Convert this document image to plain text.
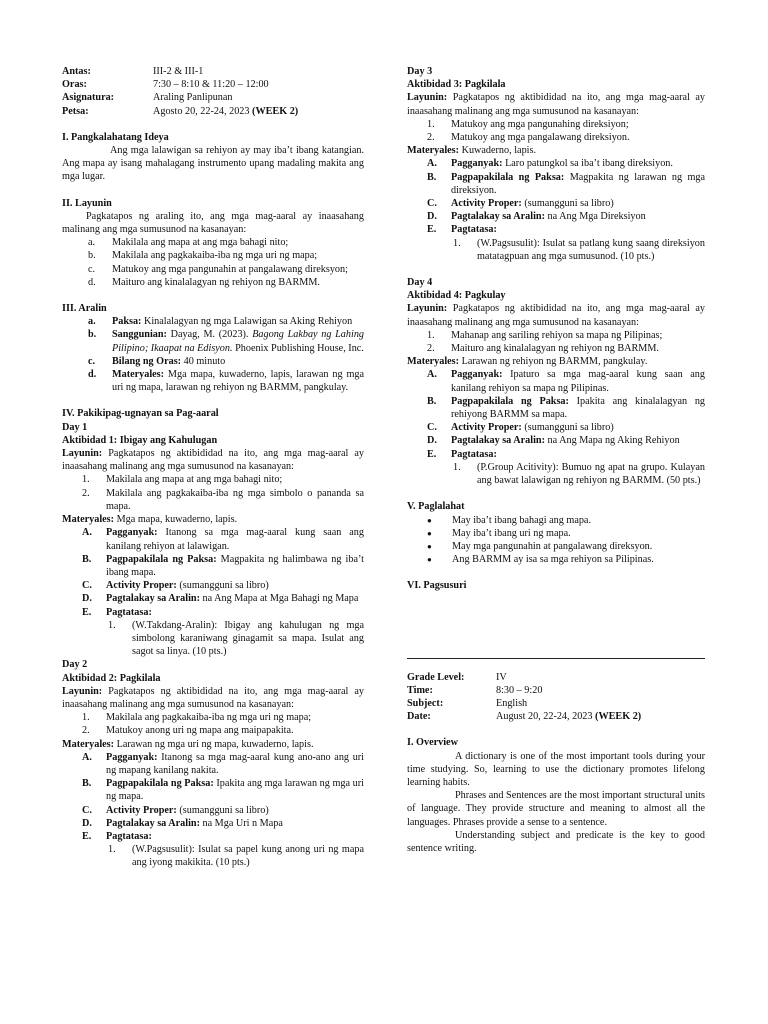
Antas:	III-2 & III-1
Oras:	7:30 – 8:10 & 11:20 – 12:00
Asignatura:	Araling Panlipunan
Petsa:	Agosto 20, 22-24, 2023 (WEEK 2)
I. Pangkalahatang Ideya
Ang mga lalawigan sa rehiyon ay may iba’t ibang katangian. Ang mapa ay isang mahalagang instrumento upang madaling makita ang mga lugar.
II. Layunin
Pagkatapos ng araling ito, ang mga mag-aaral ay inaasahang malinang ang mga sumusunod na kasanayan:
a.	Makilala ang mapa at ang mga bahagi nito;
b.	Makilala ang pagkakaiba-iba ng mga uri ng mapa;
c.	Matukoy ang mga pangunahin at pangalawang direksyon;
d.	Maituro ang kinalalagyan ng rehiyon ng BARMM.
III. Aralin
a.	Paksa: Kinalalagyan ng mga Lalawigan sa Aking Rehiyon
b.	Sanggunian: Dayag, M. (2023). Bagong Lakbay ng Lahing Pilipino; Ikaapat na Edisyon. Phoenix Publishing House, Inc.
c.	Bilang ng Oras: 40 minuto
d.	Materyales: Mga mapa, kuwaderno, lapis, larawan ng mga uri ng mapa, larawan ng rehiyon ng BARMM, pangkulay.
IV. Pakikipag-ugnayan sa Pag-aaral
Day 1
Aktibidad 1: Ibigay ang Kahulugan
Layunin: Pagkatapos ng aktibididad na ito, ang mga mag-aaral ay inaasahang malinang ang mga sumusunod na kasanayan:
1.	Makilala ang mapa at ang mga bahagi nito;
2.	Makilala ang pagkakaiba-iba ng mga simbolo o pananda sa mapa.
Materyales: Mga mapa, kuwaderno, lapis.
A.	Pagganyak: Itanong sa mga mag-aaral kung saan ang kanilang rehiyon at lalawigan.
B.	Pagpapakilala ng Paksa: Magpakita ng halimbawa ng iba’t ibang mapa.
C.	Activity Proper: (sumangguni sa libro)
D.	Pagtalakay sa Aralin: na Ang Mapa at Mga Bahagi ng Mapa
E.	Pagtatasa:
1.	(W.Takdang-Aralin): Ibigay ang kahulugan ng mga simbolong karaniwang ginagamit sa mapa. Isulat ang sagot sa linya. (10 pts.)
Day 2
Aktibidad 2: Pagkilala
Layunin: Pagkatapos ng aktibididad na ito, ang mga mag-aaral ay inaasahang malinang ang mga sumusunod na kasanayan:
1.	Makilala ang pagkakaiba-iba ng mga uri ng mapa;
2.	Matukoy anong uri ng mapa ang maipapakita.
Materyales: Larawan ng mga uri ng mapa, kuwaderno, lapis.
A.	Pagganyak: Itanong sa mga mag-aaral kung ano-ano ang uri ng mapang kanilang nakita.
B.	Pagpapakilala ng Paksa: Ipakita ang mga larawan ng mga uri ng mapa.
C.	Activity Proper: (sumangguni sa libro)
D.	Pagtalakay sa Aralin: na Mga Uri n Mapa
E.	Pagtatasa:
1.	(W.Pagsusulit): Isulat sa papel kung anong uri ng mapa ang iyong makikita. (10 pts.)
Day 3
Aktibidad 3: Pagkilala
Layunin: Pagkatapos ng aktibididad na ito, ang mga mag-aaral ay inaasahang malinang ang mga sumusunod na kasanayan:
1.	Matukoy ang mga pangunahing direksiyon;
2.	Matukoy ang mga pangalawang direksiyon.
Materyales: Kuwaderno, lapis.
A.	Pagganyak: Laro patungkol sa iba’t ibang direksiyon.
B.	Pagpapakilala ng Paksa: Magpakita ng larawan ng mga direksiyon.
C.	Activity Proper: (sumangguni sa libro)
D.	Pagtalakay sa Aralin: na Ang Mga Direksiyon
E.	Pagtatasa:
1.	(W.Pagsusulit): Isulat sa patlang kung saang direksiyon matatagpuan ang mga sumusunod. (10 pts.)
Day 4
Aktibidad 4: Pagkulay
Layunin: Pagkatapos ng aktibididad na ito, ang mga mag-aaral ay inaasahang malinang ang mga sumusunod na kasanayan:
1.	Mahanap ang sariling rehiyon sa mapa ng Pilipinas;
2.	Maituro ang kinalalagyan ng rehiyon ng BARMM.
Materyales: Larawan ng rehiyon ng BARMM, pangkulay.
A.	Pagganyak: Ipaturo sa mga mag-aaral kung saan ang kanilang rehiyon sa mapa ng Pilipinas.
B.	Pagpapakilala ng Paksa: Ipakita ang kinalalagyan ng rehiyong BARMM sa mapa.
C.	Activity Proper: (sumangguni sa libro)
D.	Pagtalakay sa Aralin: na Ang Mapa ng Aking Rehiyon
E.	Pagtatasa:
1.	(P.Group Acitivity): Bumuo ng apat na grupo. Kulayan ang bawat lalawigan ng rehiyon ng BARMM. (50 pts.)
V. Paglalahat
●	May iba’t ibang bahagi ang mapa.
●	May iba’t ibang uri ng mapa.
●	May mga pangunahin at pangalawang direksyon.
●	Ang BARMM ay isa sa mga rehiyon sa Pilipinas.
VI. Pagsusuri
Grade Level:	IV
Time:	8:30 – 9:20
Subject:	English
Date:	August 20, 22-24, 2023 (WEEK 2)
I. Overview
A dictionary is one of the most important tools during your time studying. So, learning to use the dictionary promotes lifelong learning habits.
Phrases and Sentences are the most important structural units of language. They provide structure and meaning to almost all the languages. Phrases provide a sense to a sentence.
Understanding subject and predicate is the key to good sentence writing.
